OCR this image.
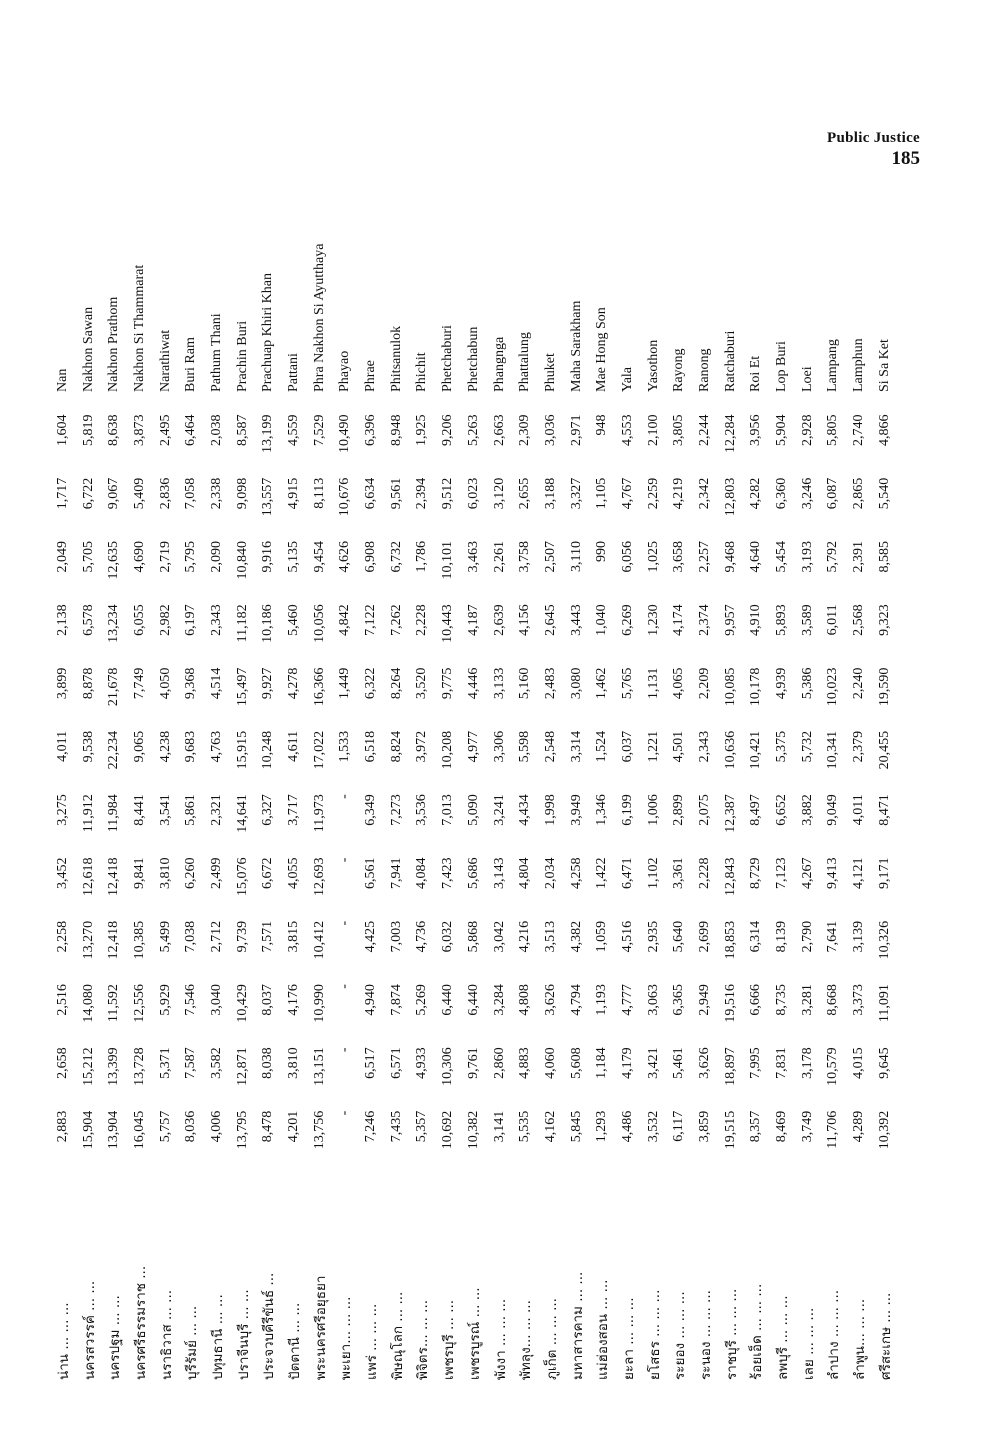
Public Justice
185
น่าน ... ... ...
2,883
2,658
2,516
2,258
3,452
3,275
4,011
3,899
2,138
2,049
1,717
1,604
Nan
นครสวรรค์ ... ...
15,904
15,212
14,080
13,270
12,618
11,912
9,538
8,878
6,578
5,705
6,722
5,819
Nakhon Sawan
นครปฐม ... ...
13,904
13,399
11,592
12,418
12,418
11,984
22,234
21,678
13,234
12,635
9,067
8,638
Nakhon Prathom
นครศรีธรรมราช ...
16,045
13,728
12,556
10,385
9,841
8,441
9,065
7,749
6,055
4,690
5,409
3,873
Nakhon Si Thammarat
นราธิวาส ... ...
5,757
5,371
5,929
5,499
3,810
3,541
4,238
4,050
2,982
2,719
2,836
2,495
Narathiwat
บุรีรัมย์ ... ...
8,036
7,587
7,546
7,038
6,260
5,861
9,683
9,368
6,197
5,795
7,058
6,464
Buri Ram
ปทุมธานี ... ...
4,006
3,582
3,040
2,712
2,499
2,321
4,763
4,514
2,343
2,090
2,338
2,038
Pathum Thani
ปราจีนบุรี ... ...
13,795
12,871
10,429
9,739
15,076
14,641
15,915
15,497
11,182
10,840
9,098
8,587
Prachin Buri
ประจวบคีรีขันธ์ ...
8,478
8,038
8,037
7,571
6,672
6,327
10,248
9,927
10,186
9,916
13,557
13,199
Prachuap Khiri Khan
ปัตตานี ... ...
4,201
3,810
4,176
3,815
4,055
3,717
4,611
4,278
5,460
5,135
4,915
4,559
Pattani
พระนครศรีอยุธยา
13,756
13,151
10,990
10,412
12,693
11,973
17,022
16,366
10,056
9,454
8,113
7,529
Phra Nakhon Si Ayutthaya
พะเยา... ... ...
-
-
-
-
-
-
1,533
1,449
4,842
4,626
10,676
10,490
Phayao
แพร่ ... ... ...
7,246
6,517
4,940
4,425
6,561
6,349
6,518
6,322
7,122
6,908
6,634
6,396
Phrae
พิษณุโลก ... ...
7,435
6,571
7,874
7,003
7,941
7,273
8,824
8,264
7,262
6,732
9,561
8,948
Phitsanulok
พิจิตร... ... ...
5,357
4,933
5,269
4,736
4,084
3,536
3,972
3,520
2,228
1,786
2,394
1,925
Phichit
เพชรบุรี ... ...
10,692
10,306
6,440
6,032
7,423
7,013
10,208
9,775
10,443
10,101
9,512
9,206
Phetchaburi
เพชรบูรณ์ ... ...
10,382
9,761
6,440
5,868
5,686
5,090
4,977
4,446
4,187
3,463
6,023
5,263
Phetchabun
พังงา ... ... ...
3,141
2,860
3,284
3,042
3,143
3,241
3,306
3,133
2,639
2,261
3,120
2,663
Phangnga
พัทลุง... ... ...
5,535
4,883
4,808
4,216
4,804
4,434
5,598
5,160
4,156
3,758
2,655
2,309
Phattalung
ภูเก็ต ... ... ...
4,162
4,060
3,626
3,513
2,034
1,998
2,548
2,483
2,645
2,507
3,188
3,036
Phuket
มหาสารคาม ... ...
5,845
5,608
4,794
4,382
4,258
3,949
3,314
3,080
3,443
3,110
3,327
2,971
Maha Sarakham
แม่ฮ่องสอน ... ...
1,293
1,184
1,193
1,059
1,422
1,346
1,524
1,462
1,040
990
1,105
948
Mae Hong Son
ยะลา ... ... ...
4,486
4,179
4,777
4,516
6,471
6,199
6,037
5,765
6,269
6,056
4,767
4,553
Yala
ยโสธร ... ... ...
3,532
3,421
3,063
2,935
1,102
1,006
1,221
1,131
1,230
1,025
2,259
2,100
Yasothon
ระยอง ... ... ...
6,117
5,461
6,365
5,640
3,361
2,899
4,501
4,065
4,174
3,658
4,219
3,805
Rayong
ระนอง ... ... ...
3,859
3,626
2,949
2,699
2,228
2,075
2,343
2,209
2,374
2,257
2,342
2,244
Ranong
ราชบุรี ... ... ...
19,515
18,897
19,516
18,853
12,843
12,387
10,636
10,085
9,957
9,468
12,803
12,284
Ratchaburi
ร้อยเอ็ด ... ... ...
8,357
7,995
6,666
6,314
8,729
8,497
10,421
10,178
4,910
4,640
4,282
3,956
Roi Et
ลพบุรี ... ... ...
8,469
7,831
8,735
8,139
7,123
6,652
5,375
4,939
5,893
5,454
6,360
5,904
Lop Buri
เลย ... ... ...
3,749
3,178
3,281
2,790
4,267
3,882
5,732
5,386
3,589
3,193
3,246
2,928
Loei
ลำปาง ... ... ...
11,706
10,579
8,668
7,641
9,413
9,049
10,341
10,023
6,011
5,792
6,087
5,805
Lampang
ลำพูน... ... ...
4,289
4,015
3,373
3,139
4,121
4,011
2,379
2,240
2,568
2,391
2,865
2,740
Lamphun
ศรีสะเกษ ... ...
10,392
9,645
11,091
10,326
9,171
8,471
20,455
19,590
9,323
8,585
5,540
4,866
Si Sa Ket
